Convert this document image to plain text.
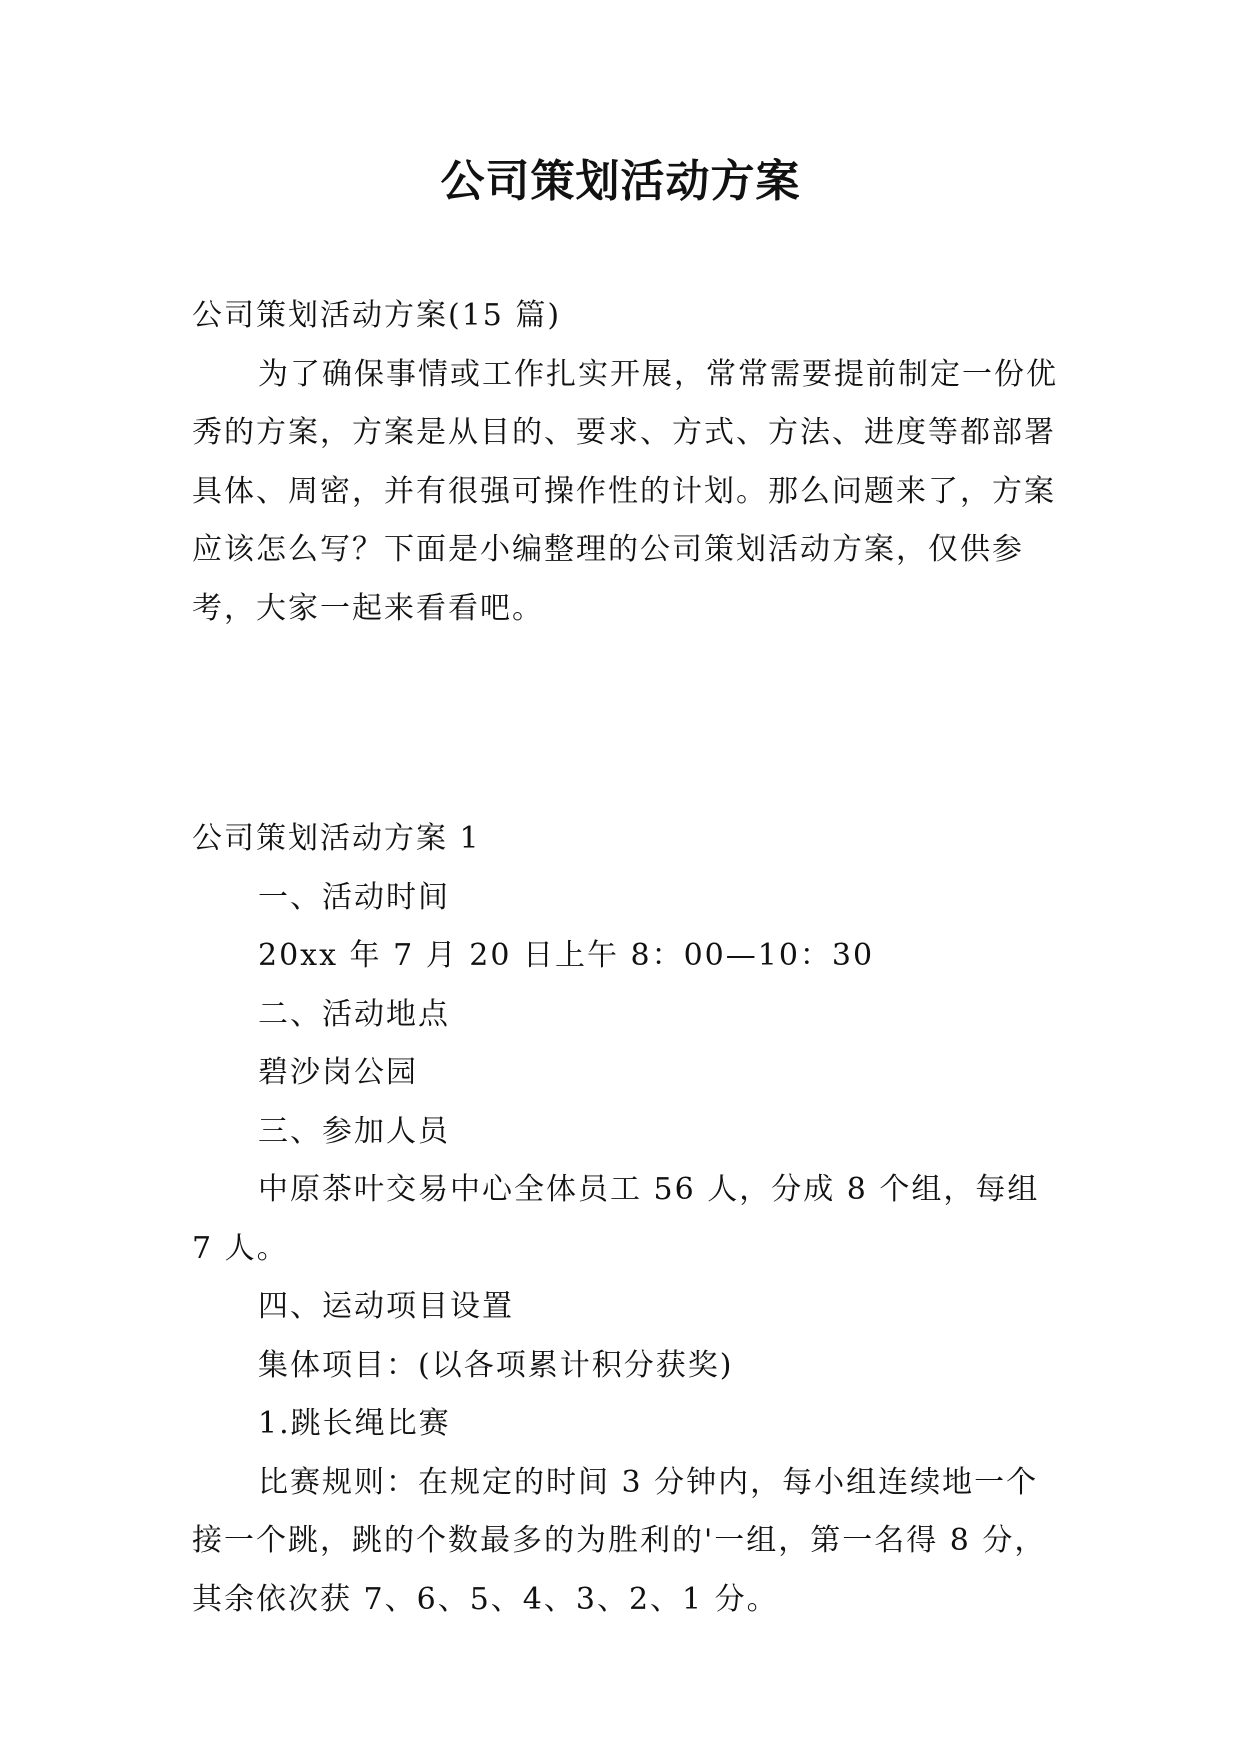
公司策划活动方案

公司策划活动方案(15 篇)

为了确保事情或工作扎实开展，常常需要提前制定一份优秀的方案，方案是从目的、要求、方式、方法、进度等都部署具体、周密，并有很强可操作性的计划。那么问题来了，方案应该怎么写？下面是小编整理的公司策划活动方案，仅供参考，大家一起来看看吧。

公司策划活动方案 1

一、活动时间

20xx 年 7 月 20 日上午 8：00—10：30

二、活动地点

碧沙岗公园

三、参加人员

中原茶叶交易中心全体员工 56 人，分成 8 个组，每组 7 人。

四、运动项目设置

集体项目：(以各项累计积分获奖)

1.跳长绳比赛

比赛规则：在规定的时间 3 分钟内，每小组连续地一个接一个跳，跳的个数最多的为胜利的'一组，第一名得 8 分，其余依次获 7、6、5、4、3、2、1 分。
